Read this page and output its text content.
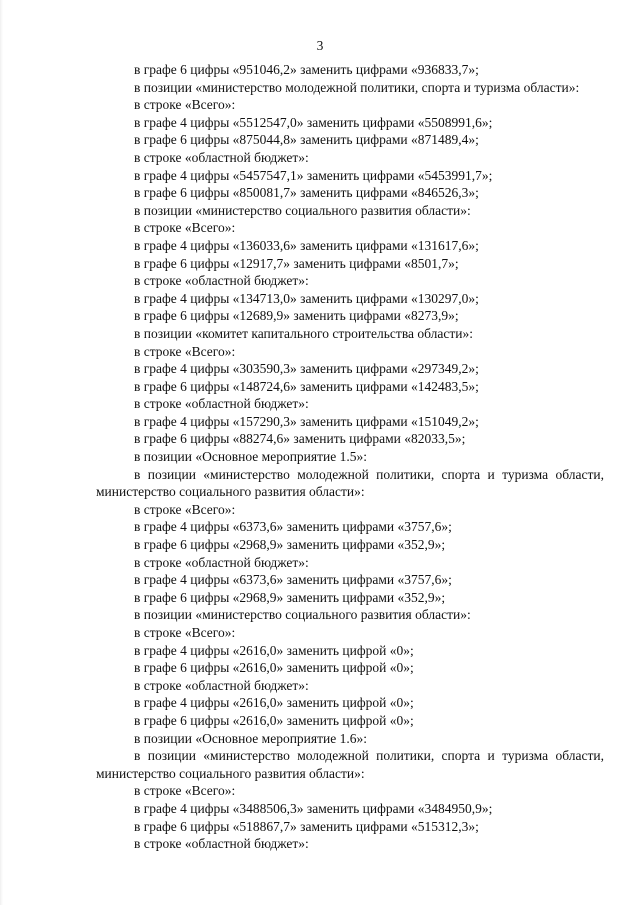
3
в графе 6 цифры «951046,2» заменить цифрами «936833,7»;
в позиции «министерство молодежной политики, спорта и туризма области»:
в строке «Всего»:
в графе 4 цифры «5512547,0» заменить цифрами «5508991,6»;
в графе 6 цифры «875044,8» заменить цифрами «871489,4»;
в строке «областной бюджет»:
в графе 4 цифры «5457547,1» заменить цифрами «5453991,7»;
в графе 6 цифры «850081,7» заменить цифрами «846526,3»;
в позиции «министерство социального развития области»:
в строке «Всего»:
в графе 4 цифры «136033,6» заменить цифрами «131617,6»;
в графе 6 цифры «12917,7» заменить цифрами «8501,7»;
в строке «областной бюджет»:
в графе 4 цифры «134713,0» заменить цифрами «130297,0»;
в графе 6 цифры «12689,9» заменить цифрами «8273,9»;
в позиции «комитет капитального строительства области»:
в строке «Всего»:
в графе 4 цифры «303590,3» заменить цифрами «297349,2»;
в графе 6 цифры «148724,6» заменить цифрами «142483,5»;
в строке «областной бюджет»:
в графе 4 цифры «157290,3» заменить цифрами «151049,2»;
в графе 6 цифры «88274,6» заменить цифрами «82033,5»;
в позиции «Основное мероприятие 1.5»:
в позиции «министерство молодежной политики, спорта и туризма области,
министерство социального развития области»:
в строке «Всего»:
в графе 4 цифры «6373,6» заменить цифрами «3757,6»;
в графе 6 цифры «2968,9» заменить цифрами «352,9»;
в строке «областной бюджет»:
в графе 4 цифры «6373,6» заменить цифрами «3757,6»;
в графе 6 цифры «2968,9» заменить цифрами «352,9»;
в позиции «министерство социального развития области»:
в строке «Всего»:
в графе 4 цифры «2616,0» заменить цифрой «0»;
в графе 6 цифры «2616,0» заменить цифрой «0»;
в строке «областной бюджет»:
в графе 4 цифры «2616,0» заменить цифрой «0»;
в графе 6 цифры «2616,0» заменить цифрой «0»;
в позиции «Основное мероприятие 1.6»:
в позиции «министерство молодежной политики, спорта и туризма области,
министерство социального развития области»:
в строке «Всего»:
в графе 4 цифры «3488506,3» заменить цифрами «3484950,9»;
в графе 6 цифры «518867,7» заменить цифрами «515312,3»;
в строке «областной бюджет»:
